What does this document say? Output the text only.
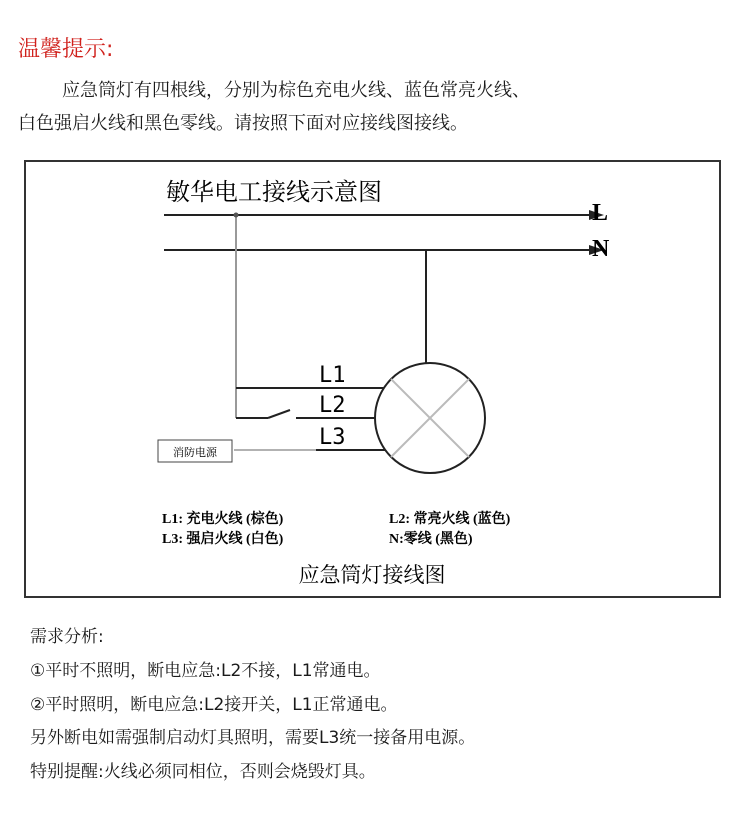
温馨提示:
应急筒灯有四根线，分别为棕色充电火线、蓝色常亮火线、
白色强启火线和黑色零线。请按照下面对应接线图接线。
敏华电工接线示意图
L
N
L1
L2
L3
消防电源
L1: 充电火线 (棕色)	L2: 常亮火线 (蓝色)
L3: 强启火线 (白色)	N:零线 (黑色)
应急筒灯接线图
需求分析:
①平时不照明，断电应急:L2不接，L1常通电。
②平时照明，断电应急:L2接开关，L1正常通电。
另外断电如需强制启动灯具照明，需要L3统一接备用电源。
特别提醒:火线必须同相位，否则会烧毁灯具。
